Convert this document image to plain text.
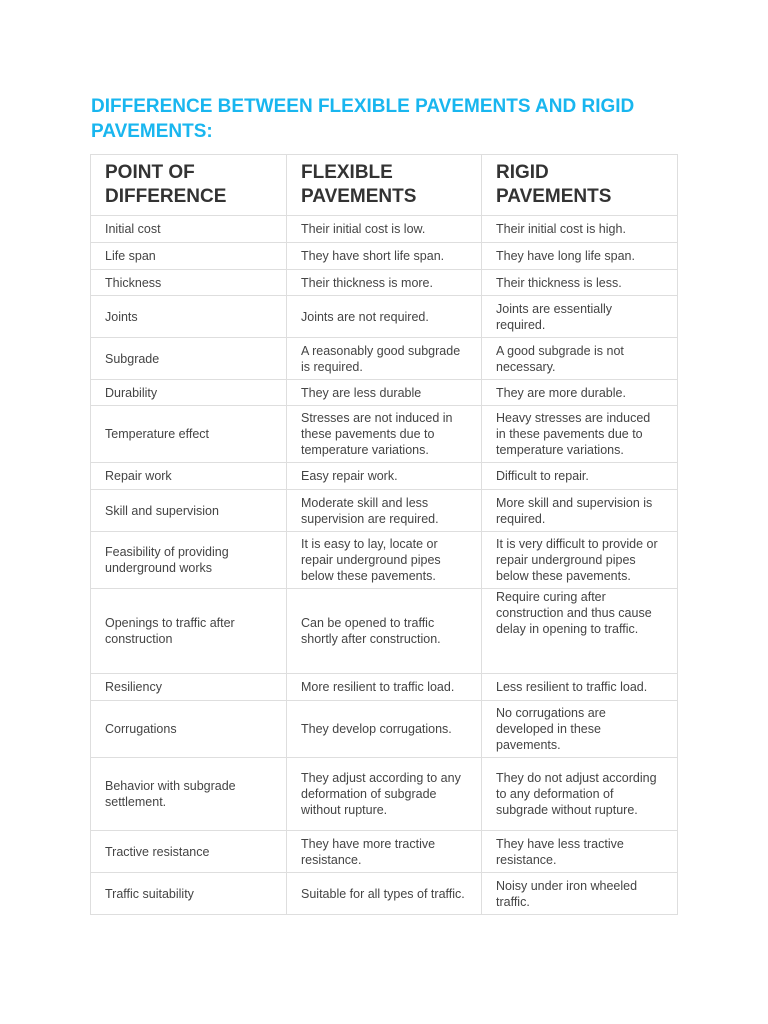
DIFFERENCE BETWEEN FLEXIBLE PAVEMENTS AND RIGID PAVEMENTS:
POINT OF DIFFERENCE	FLEXIBLE PAVEMENTS	RIGID PAVEMENTS
Initial cost	Their initial cost is low.	Their initial cost is high.
Life span	They have short life span.	They have long life span.
Thickness	Their thickness is more.	Their thickness is less.
Joints	Joints are not required.	Joints are essentially required.
Subgrade	A reasonably good subgrade is required.	A good subgrade is not necessary.
Durability	They are less durable	They are more durable.
Temperature effect	Stresses are not induced in these pavements due to temperature variations.	Heavy stresses are induced in these pavements due to temperature variations.
Repair work	Easy repair work.	Difficult to repair.
Skill and supervision	Moderate skill and less supervision are required.	More skill and supervision is required.
Feasibility of providing underground works	It is easy to lay, locate or repair underground pipes below these pavements.	It is very difficult to provide or repair underground pipes below these pavements.
Openings to traffic after construction	Can be opened to traffic shortly after construction.	Require curing after construction and thus cause delay in opening to traffic.
Resiliency	More resilient to traffic load.	Less resilient to traffic load.
Corrugations	They develop corrugations.	No corrugations are developed in these pavements.
Behavior with subgrade settlement.	They adjust according to any deformation of subgrade without rupture.	They do not adjust according to any deformation of subgrade without rupture.
Tractive resistance	They have more tractive resistance.	They have less tractive resistance.
Traffic suitability	Suitable for all types of traffic.	Noisy under iron wheeled traffic.
